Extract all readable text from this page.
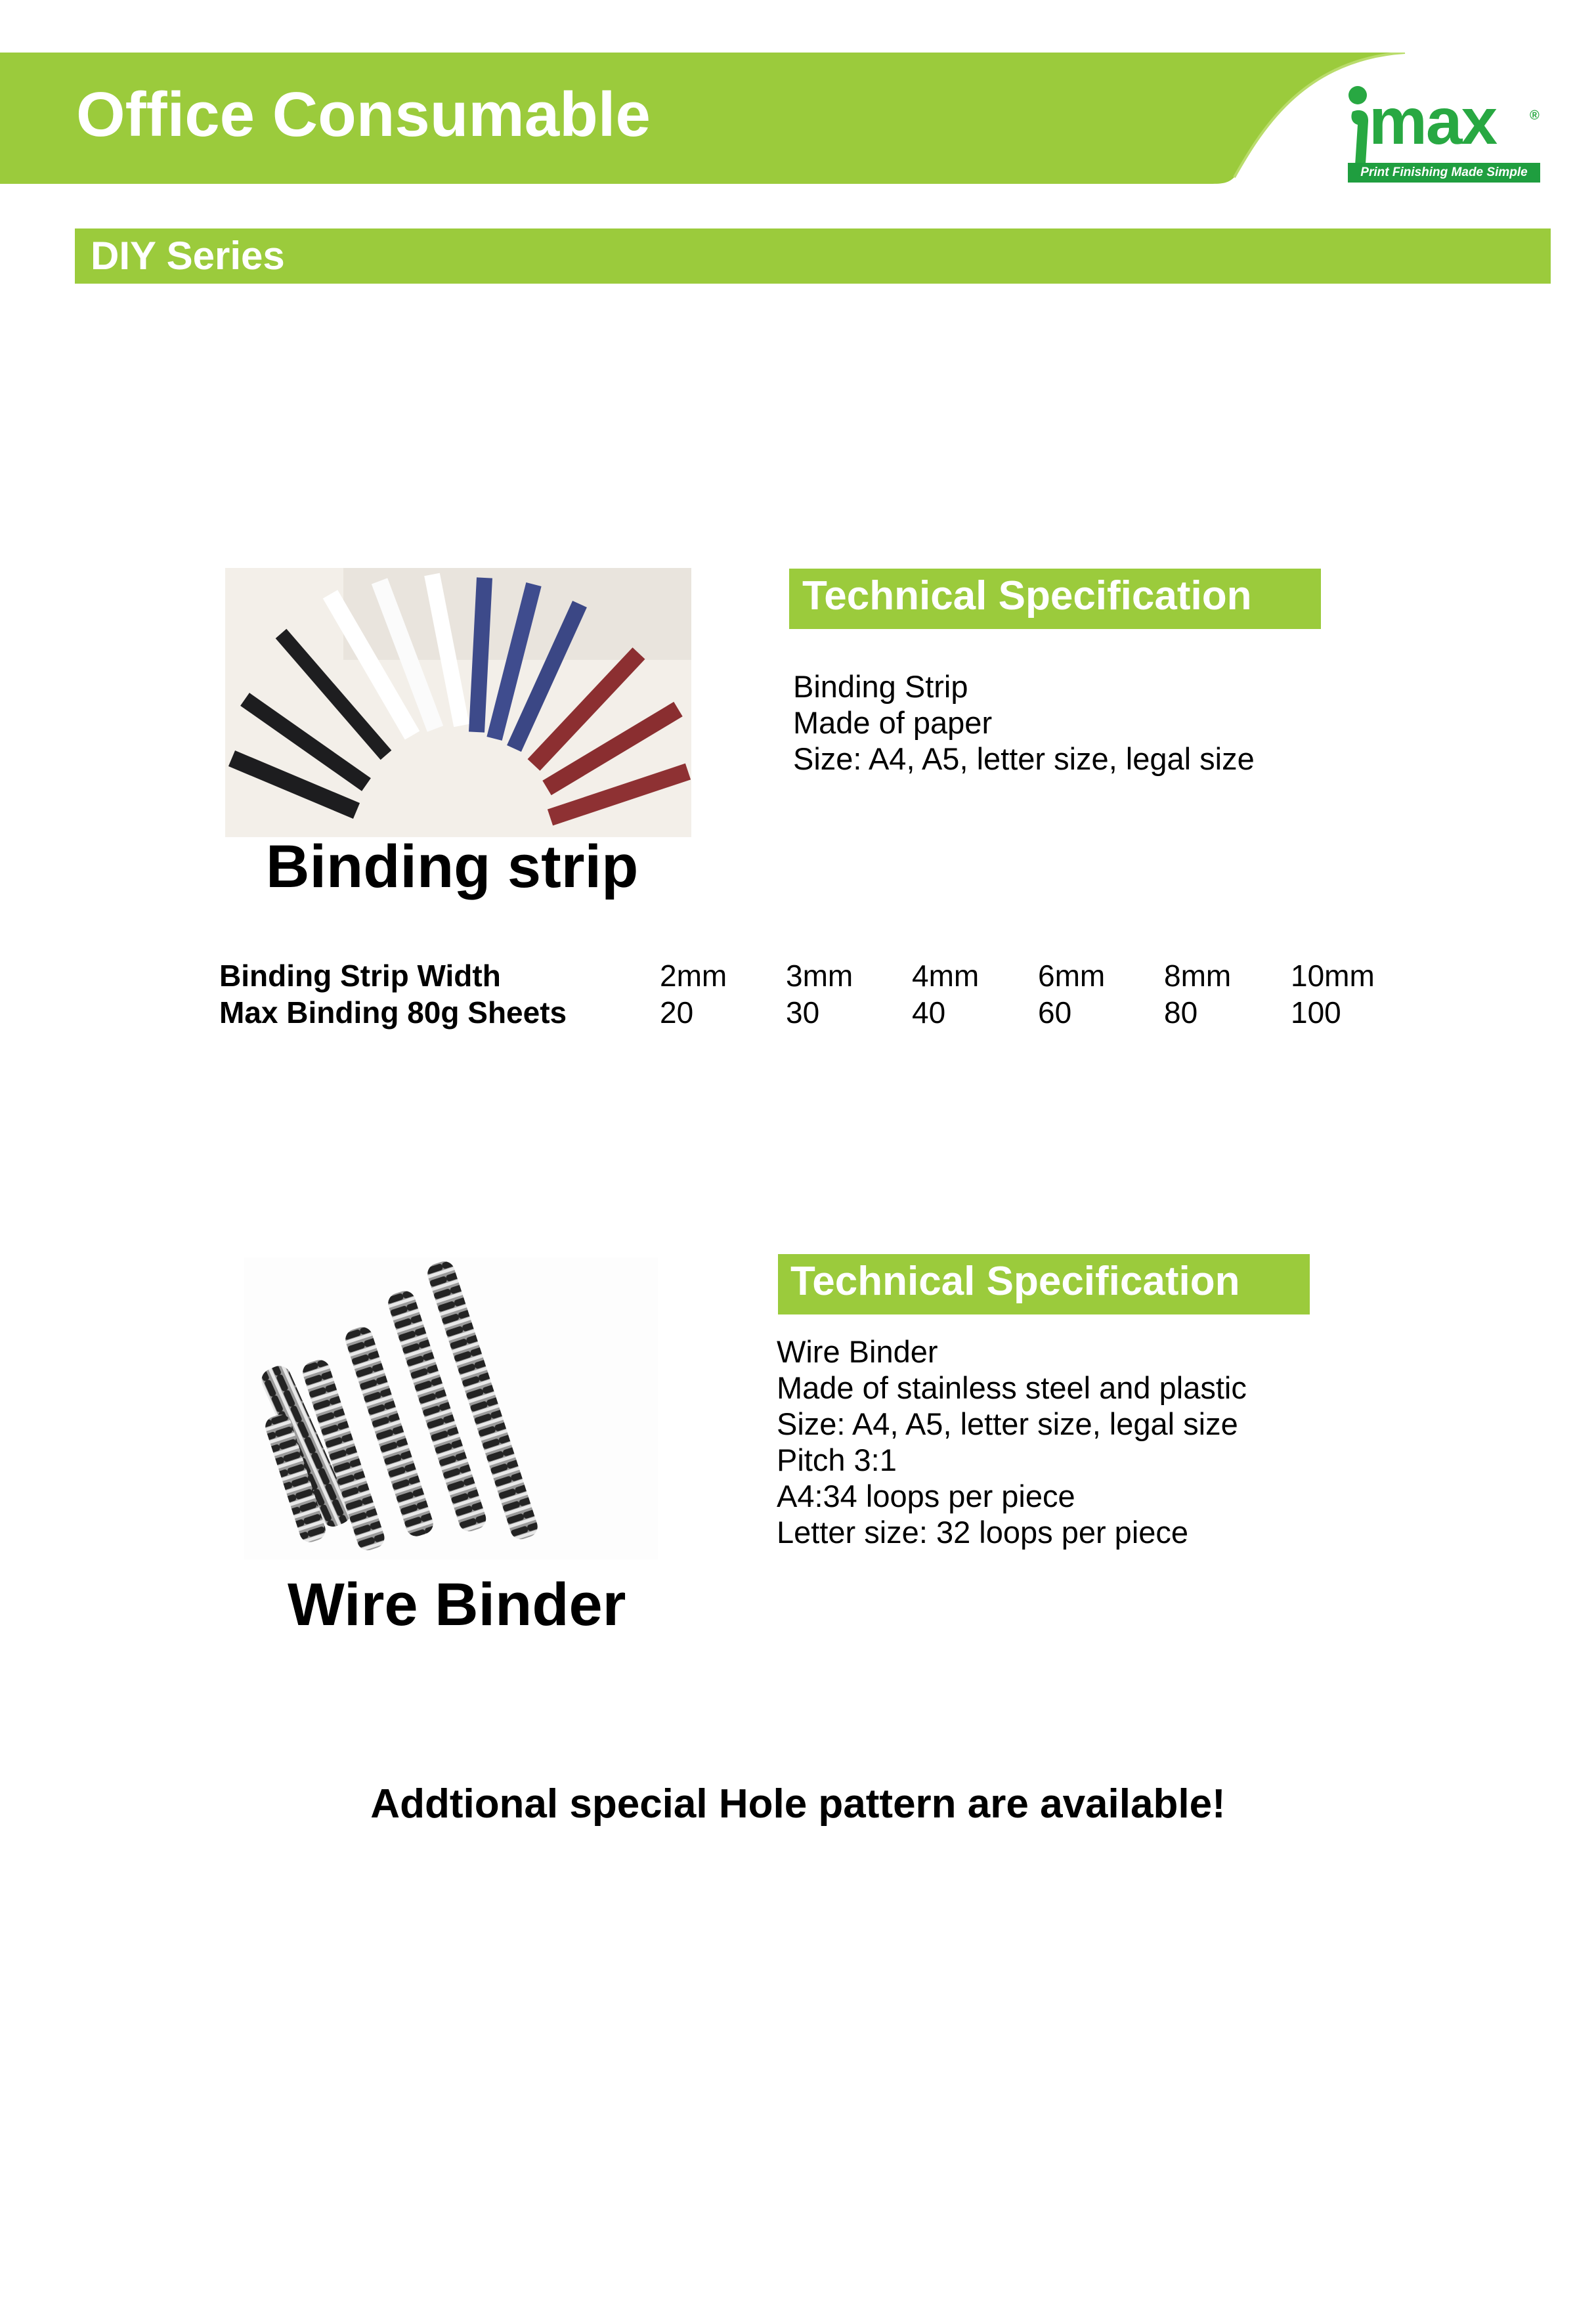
Office Consumable	max	®
Print Finishing Made Simple
DIY Series
Binding strip
Technical Specification
Binding Strip
Made of paper
Size: A4, A5, letter size, legal size
Binding Strip Width	2mm 3mm 4mm 6mm 8mm 10mm
Max Binding 80g Sheets	20	30	40	60	80	100
Wire Binder
Technical Specification
Wire Binder
Made of stainless steel and plastic
Size: A4, A5, letter size, legal size
Pitch 3:1
A4:34 loops per piece
Letter size: 32 loops per piece
Addtional special Hole pattern are available!
